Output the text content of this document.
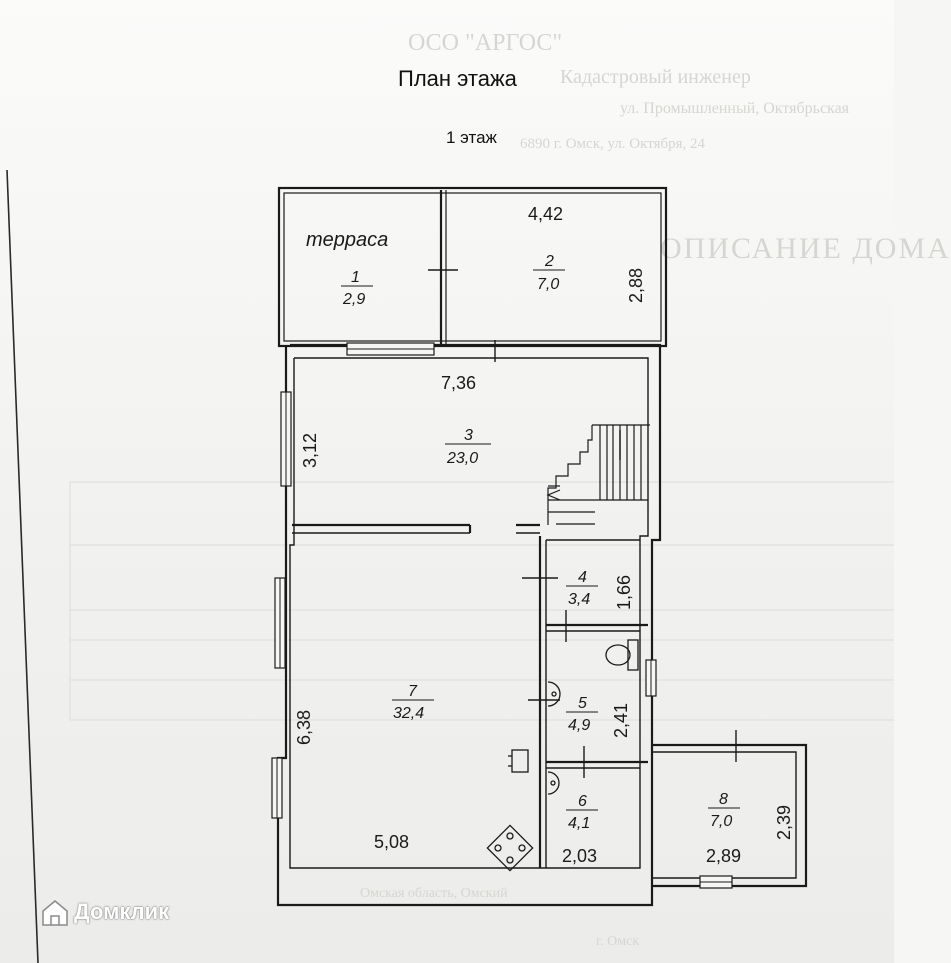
ОСО "АРГОС"
Кадастровый инженер
ул. Промышленный, Октябрьская
6890 г. Омск, ул. Октября, 24
ОПИСАНИЕ ДОМА
Омская область, Омский
г. Омск
План этажа
1 этаж
терраса
1
2,9
2
7,0
3
23,0
4
3,4
5
4,9
6
4,1
7
32,4
8
7,0
4,42
2,88
7,36
3,12
1,66
2,41
6,38
5,08
2,03	2,89
2,39
Домклик
